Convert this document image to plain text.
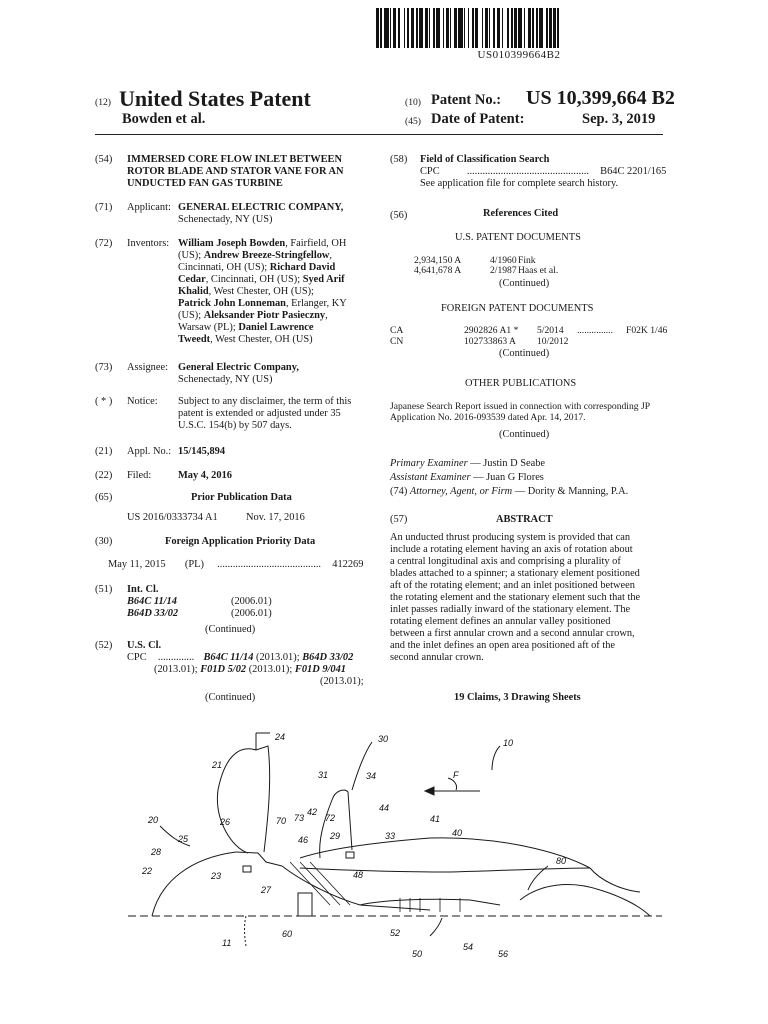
US010399664B2
(12) United States Patent
Bowden et al.
(10) Patent No.: US 10,399,664 B2
(45) Date of Patent:	Sep. 3, 2019
(54) IMMERSED CORE FLOW INLET BETWEEN
ROTOR BLADE AND STATOR VANE FOR AN
UNDUCTED FAN GAS TURBINE
(71) Applicant: GENERAL ELECTRIC COMPANY,
Schenectady, NY (US)
(72) Inventors: William Joseph Bowden, Fairfield, OH
(US); Andrew Breeze-Stringfellow,
Cincinnati, OH (US); Richard David
Cedar, Cincinnati, OH (US); Syed Arif
Khalid, West Chester, OH (US);
Patrick John Lonneman, Erlanger, KY
(US); Aleksander Piotr Pasieczny,
Warsaw (PL); Daniel Lawrence
Tweedt, West Chester, OH (US)
(73) Assignee: General Electric Company,
Schenectady, NY (US)
( * ) Notice: Subject to any disclaimer, the term of this
patent is extended or adjusted under 35
U.S.C. 154(b) by 507 days.
(21) Appl. No.: 15/145,894
(22) Filed:	May 4, 2016
(65)	Prior Publication Data
US 2016/0333734 A1	Nov. 17, 2016
(30)	Foreign Application Priority Data
May 11, 2015 (PL) ........................................ 412269
(51) Int. Cl.
B64C 11/14	(2006.01)
B64D 33/02	(2006.01)
(Continued)
(52) U.S. Cl.
CPC .............. B64C 11/14 (2013.01); B64D 33/02
(2013.01); F01D 5/02 (2013.01); F01D 9/041
(2013.01);
(Continued)
(58) Field of Classification Search
CPC	............................................... B64C 2201/165
See application file for complete search history.
(56)	References Cited
U.S. PATENT DOCUMENTS
2,934,150 A	4/1960 Fink
4,641,678 A	2/1987 Haas et al.
(Continued)
FOREIGN PATENT DOCUMENTS
CA	2902826 A1 * 5/2014 ............... F02K 1/46
CN	102733863 A 10/2012
(Continued)
OTHER PUBLICATIONS
Japanese Search Report issued in connection with corresponding JP
Application No. 2016-093539 dated Apr. 14, 2017.
(Continued)
Primary Examiner — Justin D Seabe
Assistant Examiner — Juan G Flores
(74) Attorney, Agent, or Firm — Dority & Manning, P.A.
(57)	ABSTRACT
An unducted thrust producing system is provided that can
include a rotating element having an axis of rotation about
a central longitudinal axis and comprising a plurality of
blades attached to a spinner; a stationary element positioned
aft of the rotating element; and an inlet positioned between
the rotating element and the stationary element such that the
inlet passes radially inward of the stationary element. The
rotating element defines an annular valley positioned
between a first annular crown and a second annular crown,
and the inlet defines an open area positioned aft of the
second annular crown.
19 Claims, 3 Drawing Sheets
24	30	10
21
31	34	F
44
41
20	26	70 73
42
72
40
25	46 29	33
28
80
22	23	48
27
60	52
11	54
50	56
